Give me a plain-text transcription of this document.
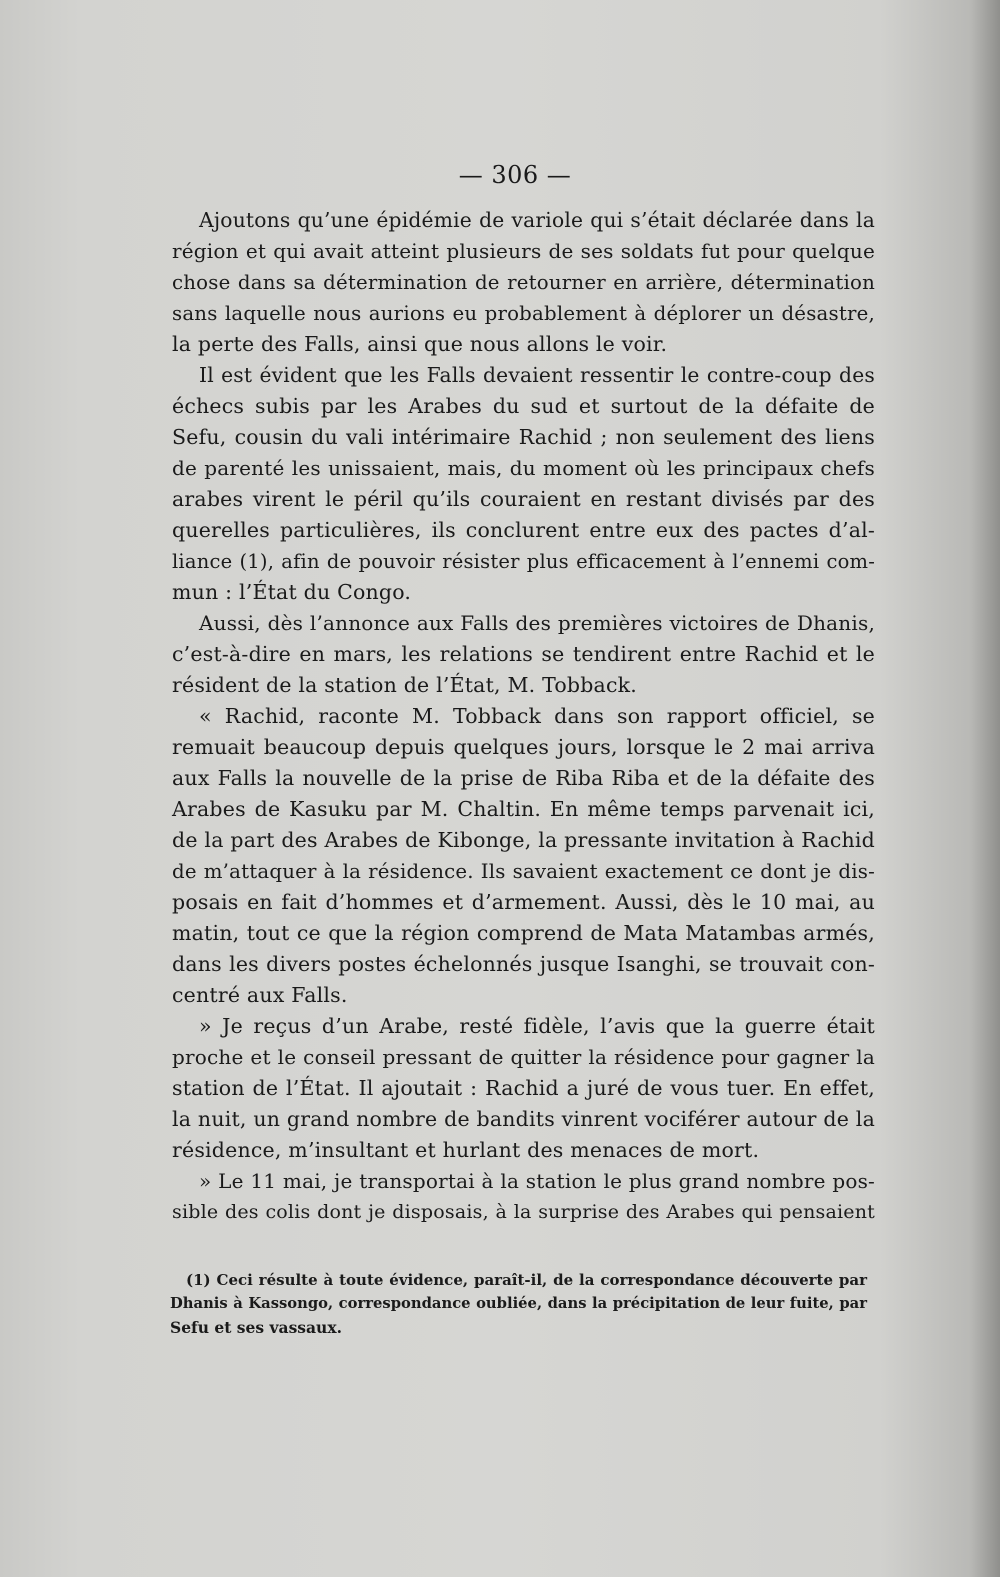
— 306 —
Ajoutons qu’une épidémie de variole qui s’était déclarée dans la
région et qui avait atteint plusieurs de ses soldats fut pour quelque
chose dans sa détermination de retourner en arrière, détermination
sans laquelle nous aurions eu probablement à déplorer un désastre,
la perte des Falls, ainsi que nous allons le voir.
Il est évident que les Falls devaient ressentir le contre-coup des
échecs subis par les Arabes du sud et surtout de la défaite de
Sefu, cousin du vali intérimaire Rachid ; non seulement des liens
de parenté les unissaient, mais, du moment où les principaux chefs
arabes virent le péril qu’ils couraient en restant divisés par des
querelles particulières, ils conclurent entre eux des pactes d’al-
liance (1), afin de pouvoir résister plus efficacement à l’ennemi com-
mun : l’État du Congo.
Aussi, dès l’annonce aux Falls des premières victoires de Dhanis,
c’est-à-dire en mars, les relations se tendirent entre Rachid et le
résident de la station de l’État, M. Tobback.
« Rachid, raconte M. Tobback dans son rapport officiel, se
remuait beaucoup depuis quelques jours, lorsque le 2 mai arriva
aux Falls la nouvelle de la prise de Riba Riba et de la défaite des
Arabes de Kasuku par M. Chaltin. En même temps parvenait ici,
de la part des Arabes de Kibonge, la pressante invitation à Rachid
de m’attaquer à la résidence. Ils savaient exactement ce dont je dis-
posais en fait d’hommes et d’armement. Aussi, dès le 10 mai, au
matin, tout ce que la région comprend de Mata Matambas armés,
dans les divers postes échelonnés jusque Isanghi, se trouvait con-
centré aux Falls.
» Je reçus d’un Arabe, resté fidèle, l’avis que la guerre était
proche et le conseil pressant de quitter la résidence pour gagner la
station de l’État. Il ajoutait : Rachid a juré de vous tuer. En effet,
la nuit, un grand nombre de bandits vinrent vociférer autour de la
résidence, m’insultant et hurlant des menaces de mort.
» Le 11 mai, je transportai à la station le plus grand nombre pos-
sible des colis dont je disposais, à la surprise des Arabes qui pensaient
(1) Ceci résulte à toute évidence, paraît-il, de la correspondance découverte par
Dhanis à Kassongo, correspondance oubliée, dans la précipitation de leur fuite, par
Sefu et ses vassaux.
